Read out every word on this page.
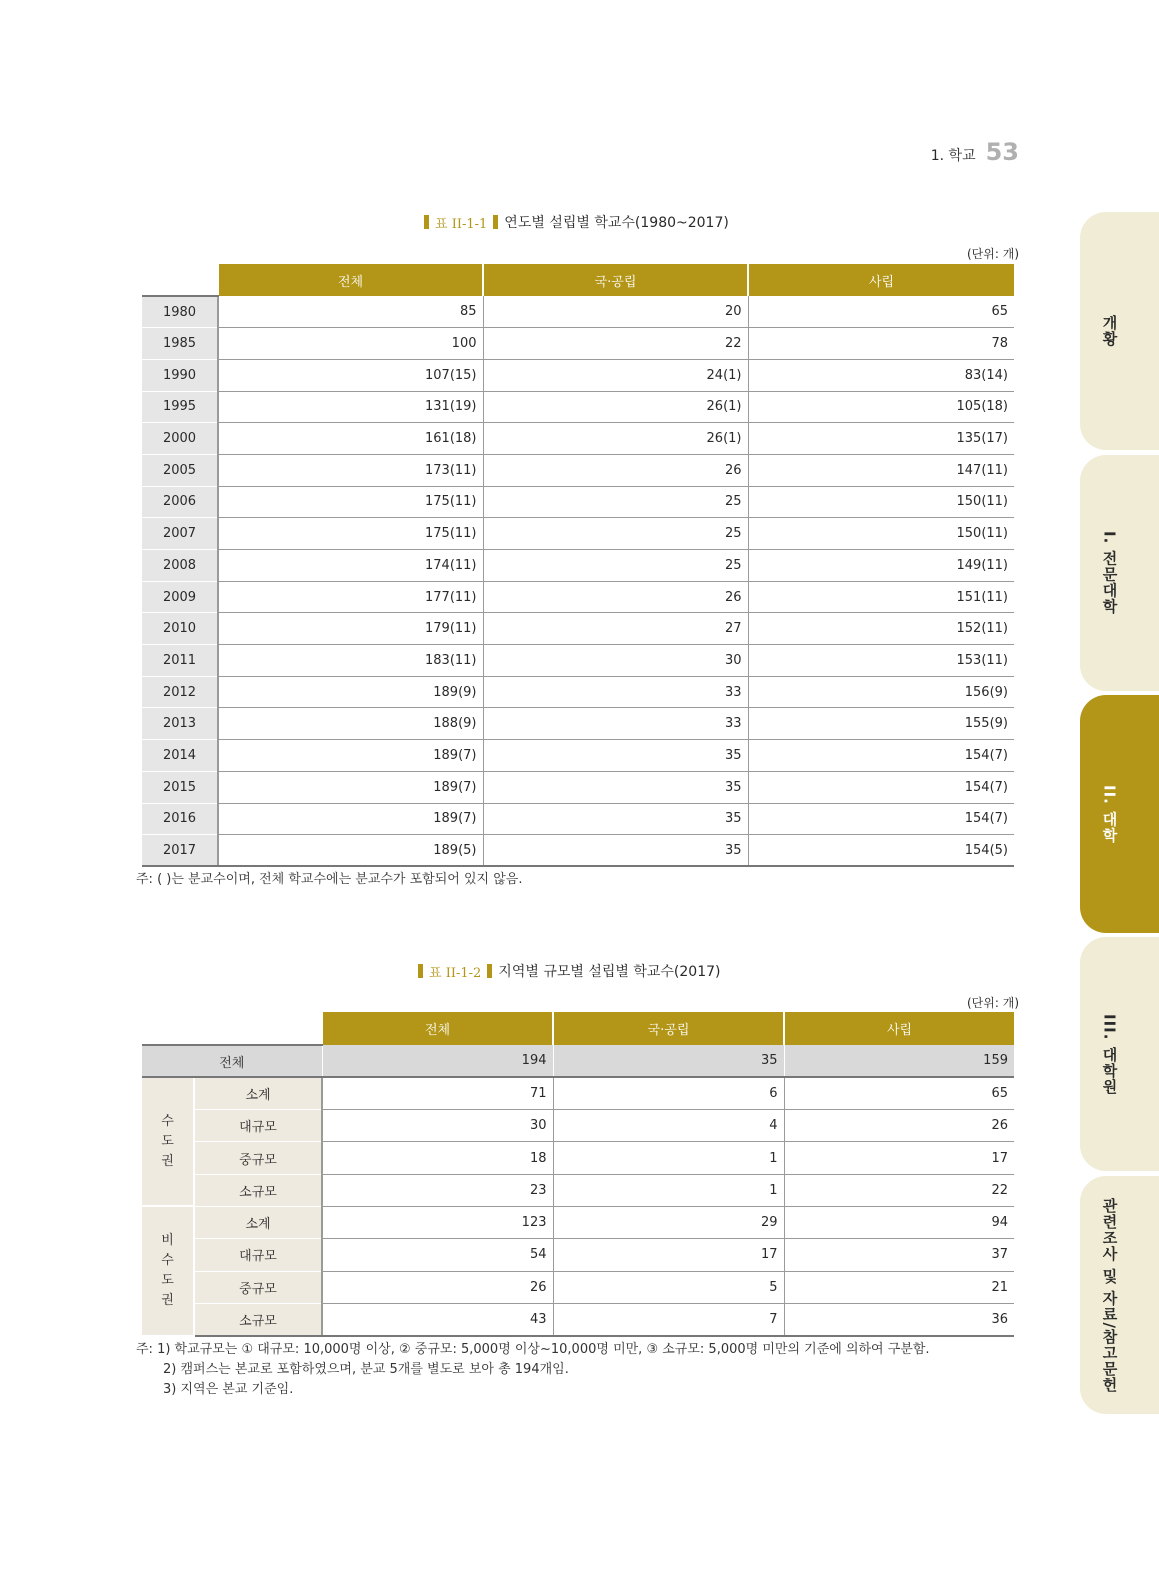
1. 학교 53
표 II-1-1 연도별 설립별 학교수(1980~2017)
(단위: 개)
	전체	국·공립	사립
1980	85	20	65
1985	100	22	78
1990	107(15)	24(1)	83(14)
1995	131(19)	26(1)	105(18)
2000	161(18)	26(1)	135(17)
2005	173(11)	26	147(11)
2006	175(11)	25	150(11)
2007	175(11)	25	150(11)
2008	174(11)	25	149(11)
2009	177(11)	26	151(11)
2010	179(11)	27	152(11)
2011	183(11)	30	153(11)
2012	189(9)	33	156(9)
2013	188(9)	33	155(9)
2014	189(7)	35	154(7)
2015	189(7)	35	154(7)
2016	189(7)	35	154(7)
2017	189(5)	35	154(5)
주: ( )는 분교수이며, 전체 학교수에는 분교수가 포함되어 있지 않음.
표 II-1-2 지역별 규모별 설립별 학교수(2017)
(단위: 개)
		전체	국·공립	사립
전체		194	35	159

수
도
권	소계	71	6	65
	대규모	30	4	26
	중규모	18	1	17
	소규모	23	1	22

비
수
도
권	소계	123	29	94
	대규모	54	17	37
	중규모	26	5	21
	소규모	43	7	36
주: 1) 학교규모는 ① 대규모: 10,000명 이상, ② 중규모: 5,000명 이상~10,000명 미만, ③ 소규모: 5,000명 미만의 기준에 의하여 구분함.
2) 캠퍼스는 본교로 포함하였으며, 분교 5개를 별도로 보아 총 194개임.
3) 지역은 본교 기준임.
개황
I. 전문대학
II. 대학
III. 대학원
관련조사 및 자료/참고문헌
